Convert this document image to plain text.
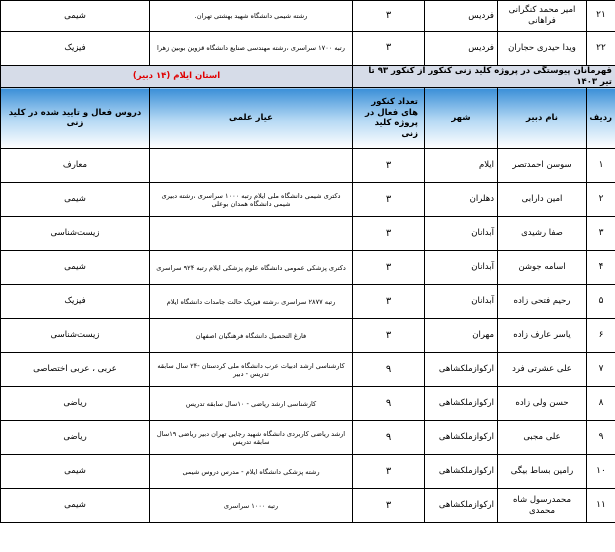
۲۱	امیر محمد کنگرانی فراهانی	فردیس	۳	رشته شیمی دانشگاه شهید بهشتی تهران.	شیمی
۲۲	ویدا حیدری حجاران	فردیس	۳	رتبه ۱۷۰۰ سراسری ،رشته مهندسی صنایع دانشگاه قزوین بوبین زهرا	فیزیک
قهرمانان پیوستگی در پروژه کلید زنی کنکور از کنکور ۹۳ تا تیر ۱۴۰۳				استان ایلام (۱۴ دبیر)	
ردیف	نام دبیر	شهر	تعداد کنکور های فعال در پروژه کلید زنی	عیار علمی	دروس فعال و تایید شده در کلید زنی
۱	سوسن احمدتصر	ایلام	۳		معارف
۲	امین دارابی	دهلران	۳	دکتری شیمی دانشگاه ملی ایلام رتبه ۱۰۰۰ سراسری ،رشته دبیری شیمی دانشگاه همدان بوعلی	شیمی
۳	صفا رشیدی	آبدانان	۳		زیست‌شناسی
۴	اسامه جوشن	آبدانان	۳	دکتری پزشکی عمومی دانشگاه علوم پزشکی ایلام رتبه ۹۲۴ سراسری	شیمی
۵	رحیم فتحی زاده	آبدانان	۳	رتبه ۲۸۷۷ سراسری ،رشته فیزیک حالت جامدات دانشگاه ایلام	فیزیک
۶	یاسر عارف زاده	مهران	۳	فارغ التحصیل دانشگاه فرهنگیان اصفهان	زیست‌شناسی
۷	علی عشرتی فرد	ارکوازملکشاهی	۹	کارشناسی ارشد ادبیات عرب دانشگاه ملی کردستان -۲۴ سال سابقه تدریس - دبیر	عربی ، عربی اختصاصی
۸	حسن ولی زاده	ارکوازملکشاهی	۹	کارشناسی ارشد ریاضی - ۱۰سال سابقه تدریس	ریاضی
۹	علی مجبی	ارکوازملکشاهی	۹	ارشد ریاضی کاربردی دانشگاه شهید رجایی تهران دبیر ریاضی ۱۹سال سابقه تدریس	ریاضی
۱۰	رامین بساط بیگی	ارکوازملکشاهی	۳	رشته پزشکی دانشگاه ایلام - مدرس دروس شیمی	شیمی
۱۱	محمدرسول شاه محمدی	ارکوازملکشاهی	۳	رتبه ۱۰۰۰ سراسری	شیمی
